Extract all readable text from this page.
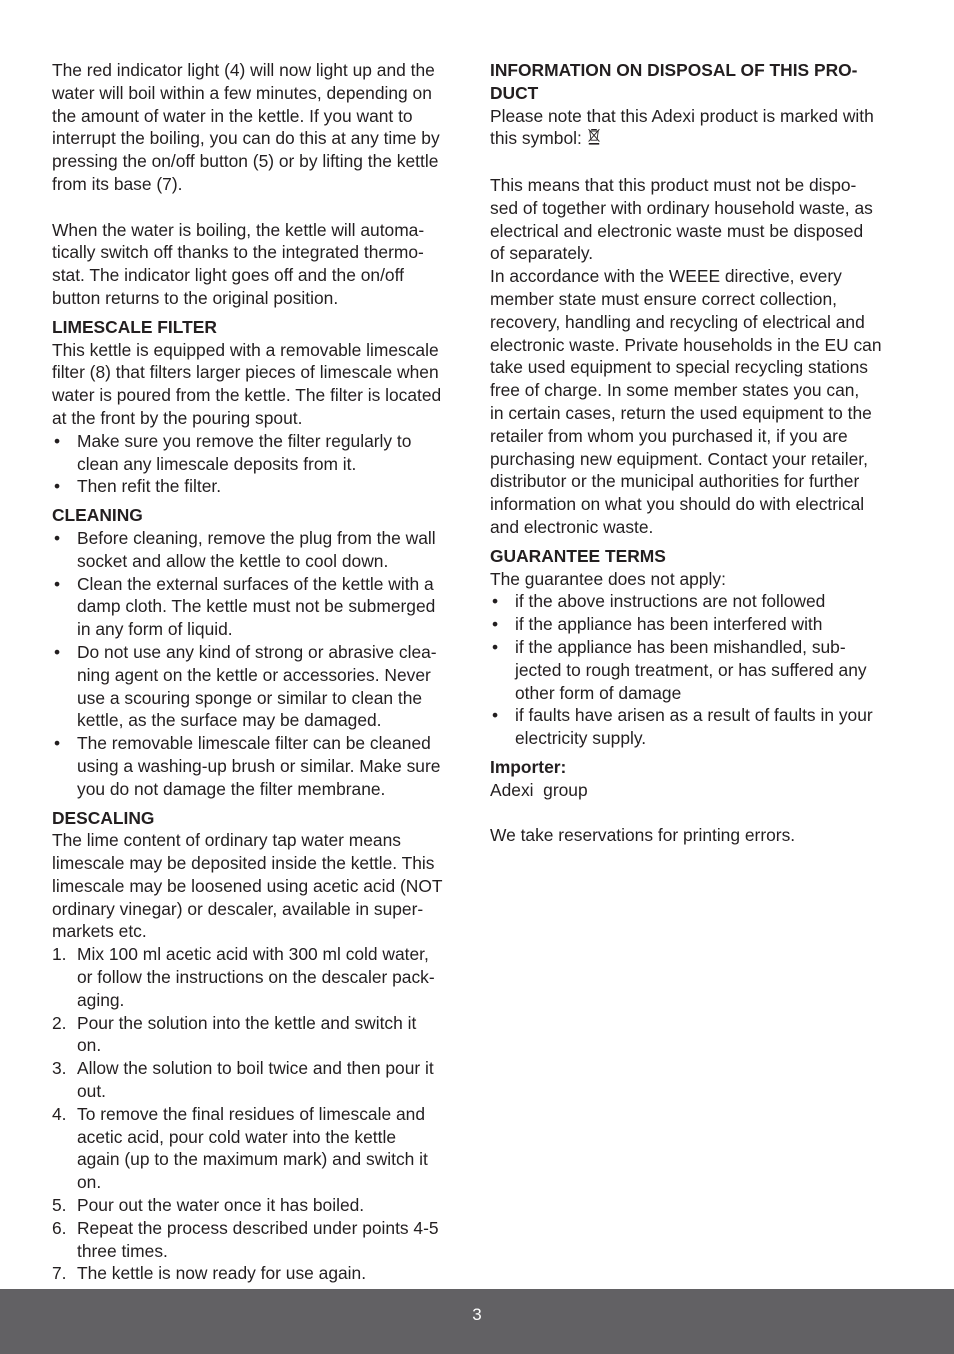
The red indicator light (4) will now light up and the
water will boil within a few minutes, depending on
the amount of water in the kettle. If you want to
interrupt the boiling, you can do this at any time by
pressing the on/off button (5) or by lifting the kettle
from its base (7).

When the water is boiling, the kettle will automa-
tically switch off thanks to the integrated thermo-
stat. The indicator light goes off and the on/off
button returns to the original position.

LIMESCALE FILTER

This kettle is equipped with a removable limescale
filter (8) that filters larger pieces of limescale when
water is poured from the kettle. The filter is located
at the front by the pouring spout.

• Make sure you remove the filter regularly to
clean any limescale deposits from it.
• Then refit the filter.
CLEANING
• Before cleaning, remove the plug from the wall
socket and allow the kettle to cool down.
• Clean the external surfaces of the kettle with a
damp cloth. The kettle must not be submerged
in any form of liquid.
• Do not use any kind of strong or abrasive clea-
ning agent on the kettle or accessories. Never
use a scouring sponge or similar to clean the
kettle, as the surface may be damaged.
• The removable limescale filter can be cleaned
using a washing-up brush or similar. Make sure
you do not damage the filter membrane.
DESCALING

The lime content of ordinary tap water means
limescale may be deposited inside the kettle. This
limescale may be loosened using acetic acid (NOT
ordinary vinegar) or descaler, available in super-
markets etc.

1. Mix 100 ml acetic acid with 300 ml cold water,
or follow the instructions on the descaler pack-
aging.
2. Pour the solution into the kettle and switch it
on.
3. Allow the solution to boil twice and then pour it
out.
4. To remove the final residues of limescale and
acetic acid, pour cold water into the kettle
again (up to the maximum mark) and switch it
on.
5. Pour out the water once it has boiled.
6. Repeat the process described under points 4-5
three times.
7. The kettle is now ready for use again.
INFORMATION ON DISPOSAL OF THIS PRO-
DUCT

Please note that this Adexi product is marked with
this symbol:

This means that this product must not be dispo-
sed of together with ordinary household waste, as
electrical and electronic waste must be disposed
of separately.

In accordance with the WEEE directive, every
member state must ensure correct collection,
recovery, handling and recycling of electrical and
electronic waste. Private households in the EU can
take used equipment to special recycling stations
free of charge. In some member states you can,
in certain cases, return the used equipment to the
retailer from whom you purchased it, if you are
purchasing new equipment. Contact your retailer,
distributor or the municipal authorities for further
information on what you should do with electrical
and electronic waste.

GUARANTEE TERMS

The guarantee does not apply:

• if the above instructions are not followed
• if the appliance has been interfered with
• if the appliance has been mishandled, sub-
jected to rough treatment, or has suffered any
other form of damage
• if faults have arisen as a result of faults in your
electricity supply.
Importer:

Adexi  group

We take reservations for printing errors.

3
